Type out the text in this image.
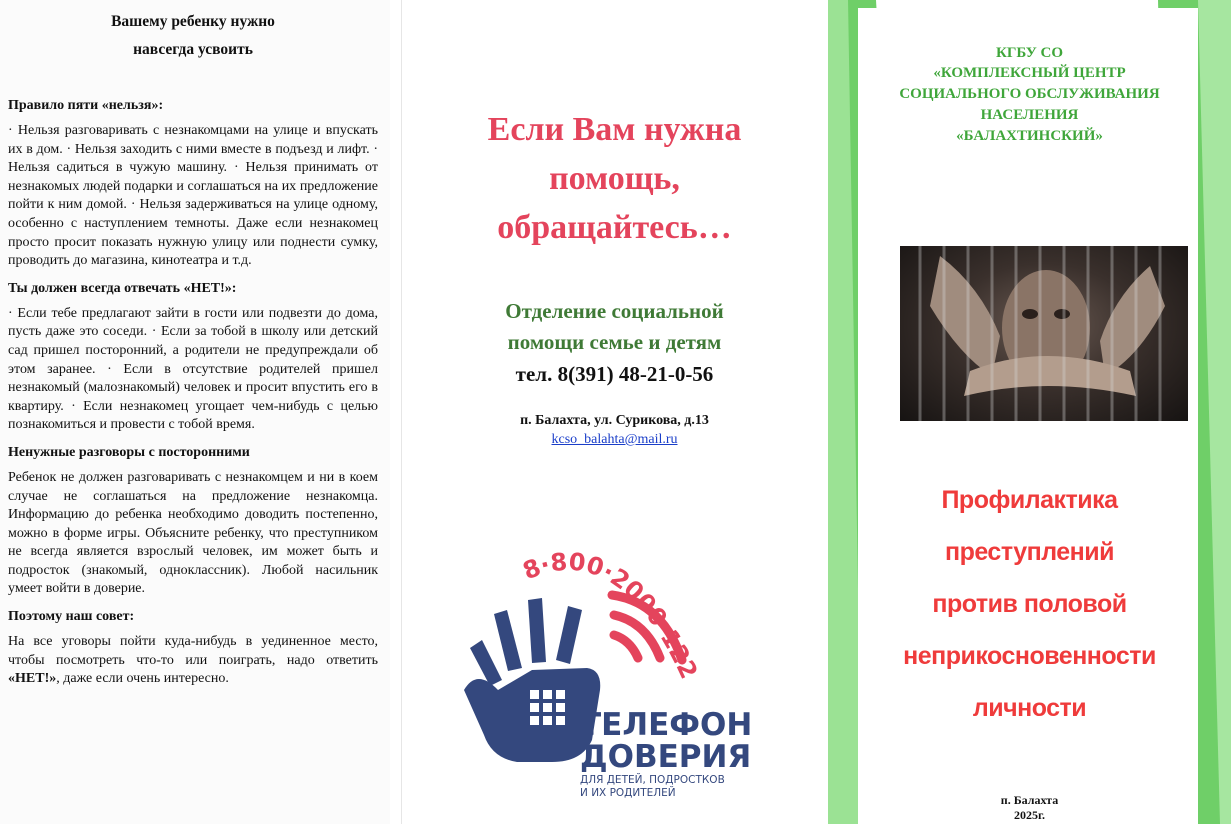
Вашему ребенку нужно
навсегда усвоить

Правило пяти «нельзя»:

· Нельзя разговаривать с незнакомцами на улице и впускать их в дом. · Нельзя заходить с ними вместе в подъезд и лифт. · Нельзя садиться в чужую машину. · Нельзя принимать от незнакомых людей подарки и соглашаться на их предложение пойти к ним домой. · Нельзя задерживаться на улице одному, особенно с наступлением темноты. Даже если незнакомец просто просит показать нужную улицу или поднести сумку, проводить до магазина, кинотеатра и т.д.

Ты должен всегда отвечать «НЕТ!»:

· Если тебе предлагают зайти в гости или подвезти до дома, пусть даже это соседи. · Если за тобой в школу или детский сад пришел посторонний, а родители не предупреждали об этом заранее. · Если в отсутствие родителей пришел незнакомый (малознакомый) человек и просит впустить его в квартиру. · Если незнакомец угощает чем-нибудь с целью познакомиться и провести с тобой время.

Ненужные разговоры с посторонними

Ребенок не должен разговаривать с незнакомцем и ни в коем случае не соглашаться на предложение незнакомца. Информацию до ребенка необходимо доводить постепенно, можно в форме игры. Объясните ребенку, что преступником не всегда является взрослый человек, им может быть и подросток (знакомый, одноклассник). Любой насильник умеет войти в доверие.

Поэтому наш совет:

На все уговоры пойти куда-нибудь в уединенное место, чтобы посмотреть что-то или поиграть, надо ответить «НЕТ!», даже если очень интересно.

Если Вам нужна
помощь,
обращайтесь…
Отделение социальной
помощи семье и детям
тел. 8(391) 48-21-0-56
п. Балахта, ул. Сурикова, д.13
kcso_balahta@mail.ru
8·800·2000·122
ТЕЛЕФОН
ДОВЕРИЯ
ДЛЯ ДЕТЕЙ, ПОДРОСТКОВ
И ИХ РОДИТЕЛЕЙ
КГБУ СО
«КОМПЛЕКСНЫЙ ЦЕНТР
СОЦИАЛЬНОГО ОБСЛУЖИВАНИЯ
НАСЕЛЕНИЯ
«БАЛАХТИНСКИЙ»
Профилактика
преступлений
против половой
неприкосновенности
личности
п. Балахта
2025г.
